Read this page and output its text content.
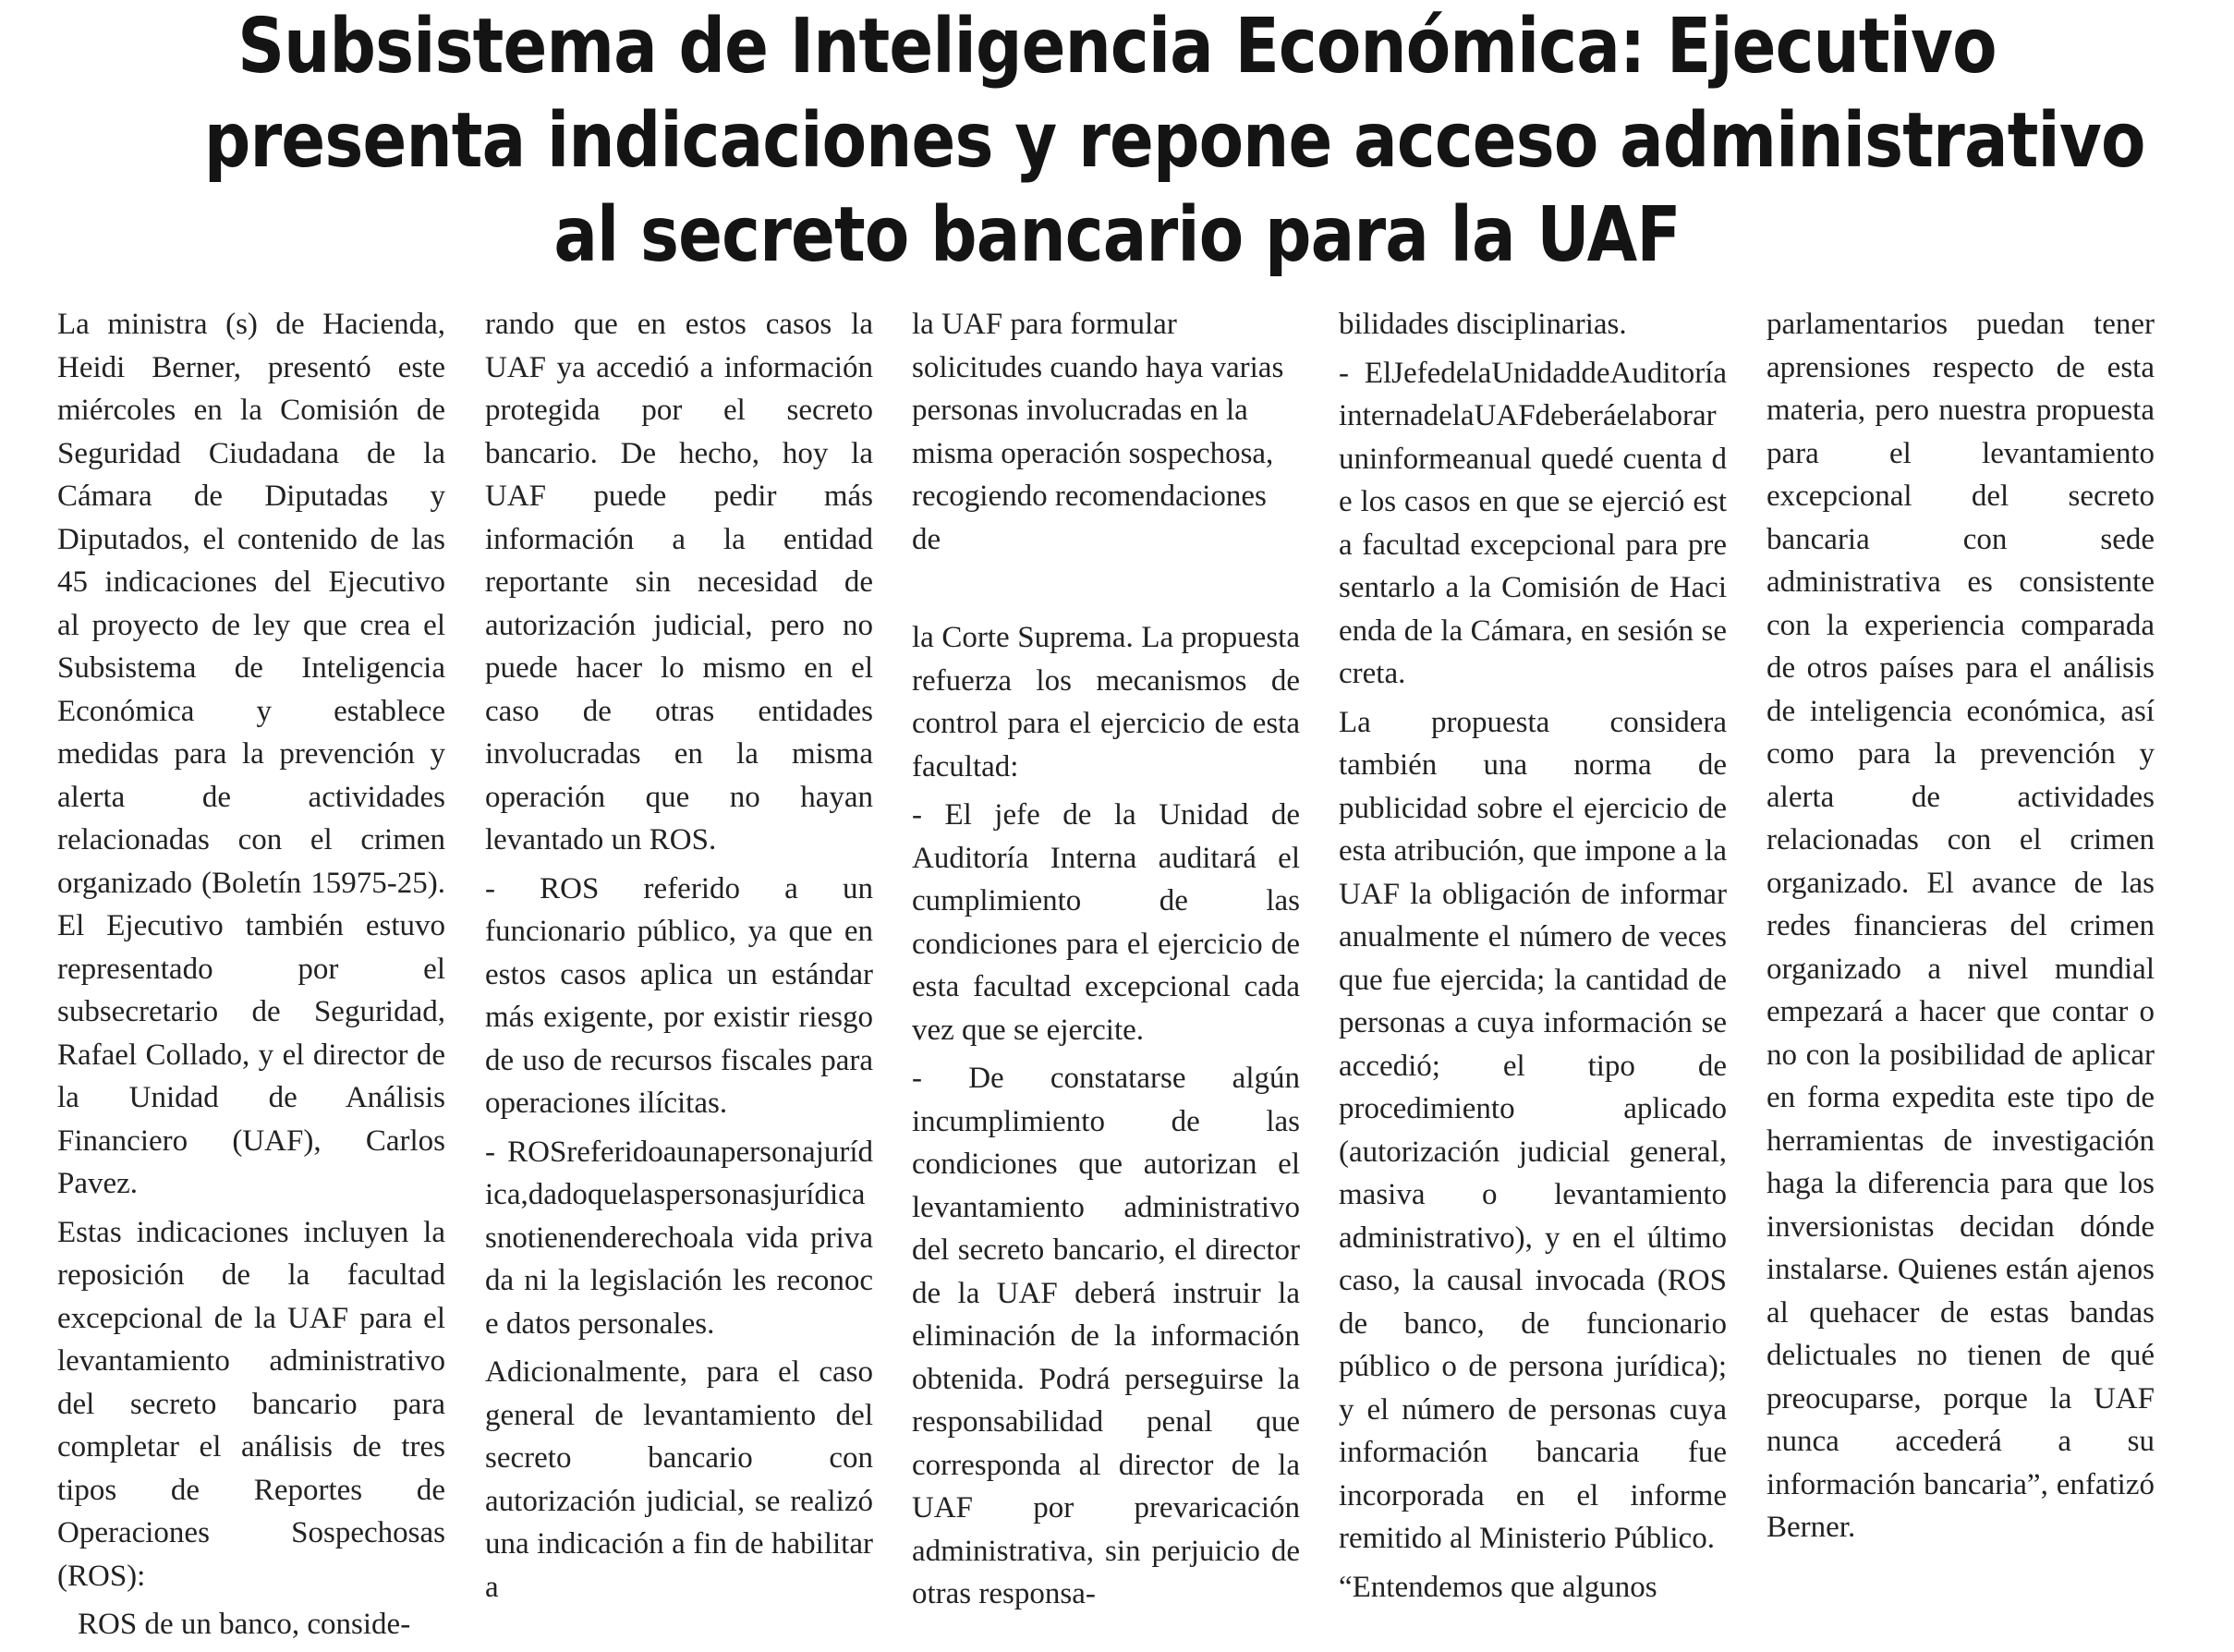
Subsistema de Inteligencia Económica: Ejecutivo
presenta indicaciones y repone acceso administrativo
al secreto bancario para la UAF

La ministra (s) de Hacienda, Heidi Berner, presentó este miércoles en la Comisión de Seguridad Ciudadana de la Cámara de Diputadas y Diputados, el contenido de las 45 indicaciones del Ejecutivo al proyecto de ley que crea el Subsistema de Inteligencia Económica y establece medidas para la prevención y alerta de actividades relacionadas con el crimen organizado (Boletín 15975-25). El Ejecutivo también estuvo representado por el subsecretario de Seguridad, Rafael Collado, y el director de la Unidad de Análisis Financiero (UAF), Carlos Pavez.

Estas indicaciones incluyen la reposición de la facultad excepcional de la UAF para el levantamiento administrativo del secreto bancario para completar el análisis de tres tipos de Reportes de Operaciones Sospechosas (ROS):

ROS de un banco, conside-

rando que en estos casos la UAF ya accedió a información protegida por el secreto bancario. De hecho, hoy la UAF puede pedir más información a la entidad reportante sin necesidad de autorización judicial, pero no puede hacer lo mismo en el caso de otras entidades involucradas en la misma operación que no hayan levantado un ROS.

- ROS referido a un funcionario público, ya que en estos casos aplica un estándar más exigente, por existir riesgo de uso de recursos fiscales para operaciones ilícitas.

- ROSreferidoaunapersonajurídica,dadoquelaspersonasjurídicasnotienenderechoala vida privada ni la legislación les reconoce datos personales.

Adicionalmente, para el caso general de levantamiento del secreto bancario con autorización judicial, se realizó una indicación a fin de habilitar a

la UAF para formular solicitudes cuando haya varias personas involucradas en la misma operación sospechosa, recogiendo recomendaciones de

la Corte Suprema. La propuesta refuerza los mecanismos de control para el ejercicio de esta facultad:

- El jefe de la Unidad de Auditoría Interna auditará el cumplimiento de las condiciones para el ejercicio de esta facultad excepcional cada vez que se ejercite.

- De constatarse algún incumplimiento de las condiciones que autorizan el levantamiento administrativo del secreto bancario, el director de la UAF deberá instruir la eliminación de la información obtenida. Podrá perseguirse la responsabilidad penal que corresponda al director de la UAF por prevaricación administrativa, sin perjuicio de otras responsa-

bilidades disciplinarias.

- ElJefedelaUnidaddeAuditoríainternadelaUAFdeberáelaboraruninformeanual quedé cuenta de los casos en que se ejerció esta facultad excepcional para presentarlo a la Comisión de Hacienda de la Cámara, en sesión secreta.

La propuesta considera también una norma de publicidad sobre el ejercicio de esta atribución, que impone a la UAF la obligación de informar anualmente el número de veces que fue ejercida; la cantidad de personas a cuya información se accedió; el tipo de procedimiento aplicado (autorización judicial general, masiva o levantamiento administrativo), y en el último caso, la causal invocada (ROS de banco, de funcionario público o de persona jurídica); y el número de personas cuya información bancaria fue incorporada en el informe remitido al Ministerio Público.

“Entendemos que algunos

parlamentarios puedan tener aprensiones respecto de esta materia, pero nuestra propuesta para el levantamiento excepcional del secreto bancaria con sede administrativa es consistente con la experiencia comparada de otros países para el análisis de inteligencia económica, así como para la prevención y alerta de actividades relacionadas con el crimen organizado. El avance de las redes financieras del crimen organizado a nivel mundial empezará a hacer que contar o no con la posibilidad de aplicar en forma expedita este tipo de herramientas de investigación haga la diferencia para que los inversionistas decidan dónde instalarse. Quienes están ajenos al quehacer de estas bandas delictuales no tienen de qué preocuparse, porque la UAF nunca accederá a su información bancaria”, enfatizó Berner.
